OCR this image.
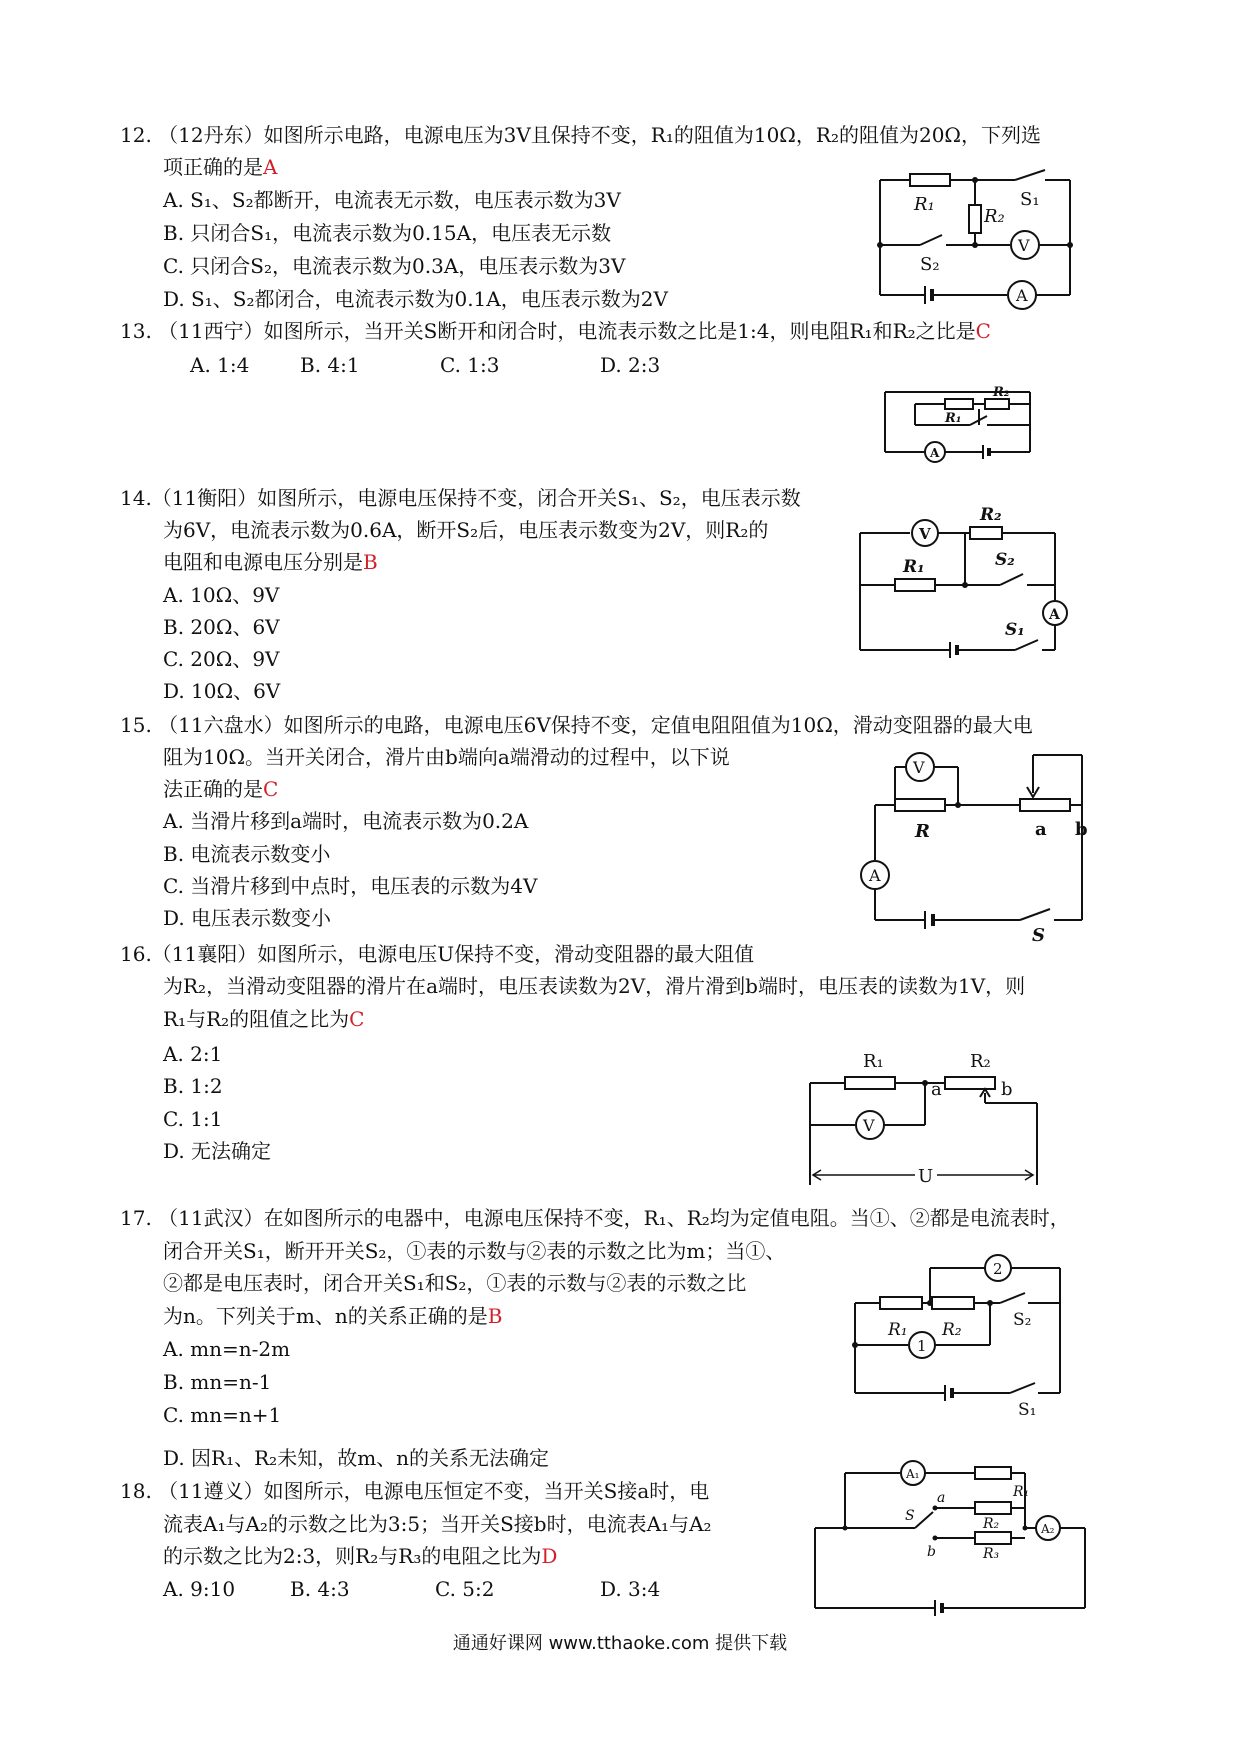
12. （12丹东）如图所示电路，电源电压为3V且保持不变，R₁的阻值为10Ω，R₂的阻值为20Ω，下列选
项正确的是A
A. S₁、S₂都断开，电流表无示数，电压表示数为3V
B. 只闭合S₁，电流表示数为0.15A，电压表无示数
C. 只闭合S₂，电流表示数为0.3A，电压表示数为3V
D. S₁、S₂都闭合，电流表示数为0.1A，电压表示数为2V
R₁
R₂
S₁
S₂
V
A
13. （11西宁）如图所示，当开关S断开和闭合时，电流表示数之比是1:4，则电阻R₁和R₂之比是C
A. 1:4	B. 4:1	C. 1:3	D. 2:3
R₁
R₂
A
14.（11衡阳）如图所示，电源电压保持不变，闭合开关S₁、S₂，电压表示数
为6V，电流表示数为0.6A，断开S₂后，电压表示数变为2V，则R₂的
电阻和电源电压分别是B
A. 10Ω、9V
B. 20Ω、6V
C. 20Ω、9V
D. 10Ω、6V
R₂
R₁	S₂
S₁
V
A
15. （11六盘水）如图所示的电路，电源电压6V保持不变，定值电阻阻值为10Ω，滑动变阻器的最大电
阻为10Ω。当开关闭合，滑片由b端向a端滑动的过程中，以下说
法正确的是C
A. 当滑片移到a端时，电流表示数为0.2A
B. 电流表示数变小
C. 当滑片移到中点时，电压表的示数为4V
D. 电压表示数变小
R	a b
S
V
A
16.（11襄阳）如图所示，电源电压U保持不变，滑动变阻器的最大阻值
为R₂，当滑动变阻器的滑片在a端时，电压表读数为2V，滑片滑到b端时，电压表的读数为1V，则
R₁与R₂的阻值之比为C
A. 2:1
B. 1:2
C. 1:1
D. 无法确定
R₁	R₂
a	b
V
U
17. （11武汉）在如图所示的电器中，电源电压保持不变，R₁、R₂均为定值电阻。当①、②都是电流表时，
闭合开关S₁，断开开关S₂，①表的示数与②表的示数之比为m；当①、
②都是电压表时，闭合开关S₁和S₂，①表的示数与②表的示数之比
为n。下列关于m、n的关系正确的是B
A. mn=n-2m
B. mn=n-1
C. mn=n+1
D. 因R₁、R₂未知，故m、n的关系无法确定
R₁ R₂	S₂
S₁
2
1
18. （11遵义）如图所示，电源电压恒定不变，当开关S接a时，电
流表A₁与A₂的示数之比为3:5；当开关S接b时，电流表A₁与A₂
的示数之比为2:3，则R₂与R₃的电阻之比为D
A. 9:10	B. 4:3	C. 5:2	D. 3:4
A₁
A₂
R₁
R₂
R₃
S
a
b
通通好课网 www.tthaoke.com 提供下载
